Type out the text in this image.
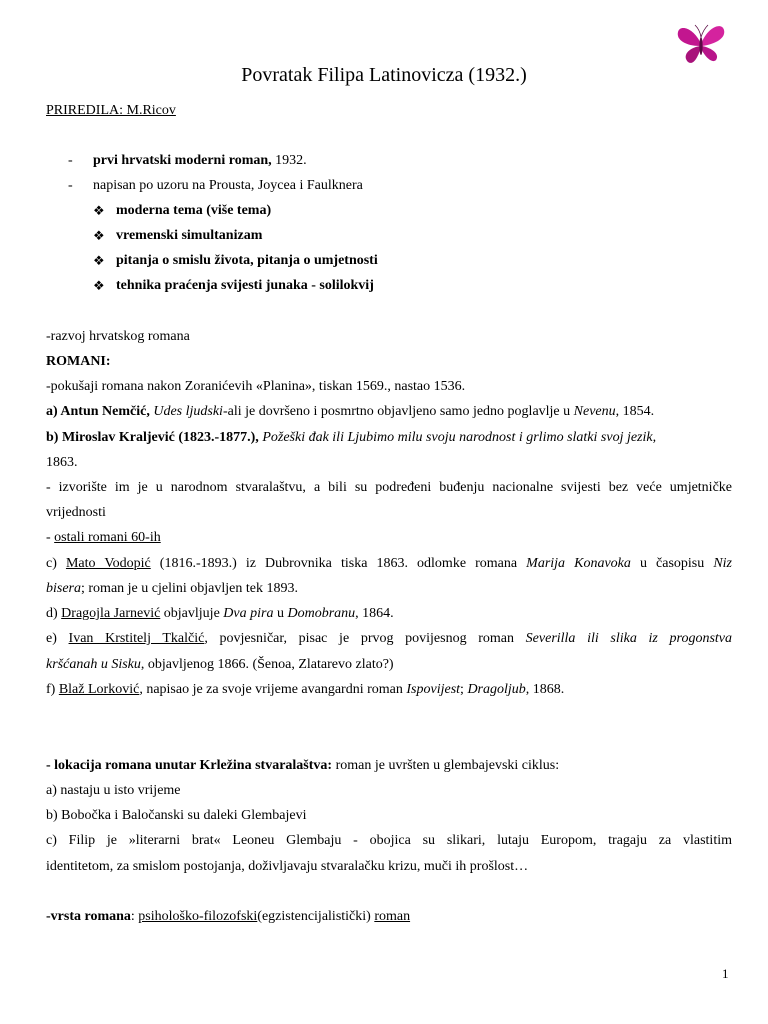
Povratak Filipa Latinovicza (1932.)
PRIREDILA: M.Ricov
- prvi hrvatski moderni roman, 1932.
- napisan po uzoru na Prousta, Joycea i Faulknera
❖ moderna tema (više tema)
❖ vremenski simultanizam
❖ pitanja o smislu života, pitanja o umjetnosti
❖ tehnika praćenja svijesti junaka - solilokvij
-razvoj hrvatskog romana
ROMANI:
-pokušaji romana nakon Zoranićevih «Planina», tiskan 1569., nastao 1536.
a) Antun Nemčić, Udes ljudski-ali je dovršeno i posmrtno objavljeno samo jedno poglavlje u Nevenu, 1854.
b) Miroslav Kraljević (1823.-1877.), Požeški đak ili Ljubimo milu svoju narodnost i grlimo slatki svoj jezik,
1863.
- izvorište im je u narodnom stvaralaštvu, a bili su podređeni buđenju nacionalne svijesti bez veće umjetničke
vrijednosti
- ostali romani 60-ih
c) Mato Vodopić (1816.-1893.) iz Dubrovnika tiska 1863. odlomke romana Marija Konavoka u časopisu Niz
bisera; roman je u cjelini objavljen tek 1893.
d) Dragojla Jarnević objavljuje Dva pira u Domobranu, 1864.
e) Ivan Krstitelj Tkalčić, povjesničar, pisac je prvog povijesnog roman Severilla ili slika iz progonstva
kršćanah u Sisku, objavljenog 1866. (Šenoa, Zlatarevo zlato?)
f) Blaž Lorković, napisao je za svoje vrijeme avangardni roman Ispovijest; Dragoljub, 1868.
- lokacija romana unutar Krležina stvaralaštva: roman je uvršten u glembajevski ciklus:
a) nastaju u isto vrijeme
b) Bobočka i Baločanski su daleki Glembajevi
c) Filip je »literarni brat« Leoneu Glembaju - obojica su slikari, lutaju Europom, tragaju za vlastitim
identitetom, za smislom postojanja, doživljavaju stvaralačku krizu, muči ih prošlost…
-vrsta romana: psihološko-filozofski(egzistencijalistički) roman
1
